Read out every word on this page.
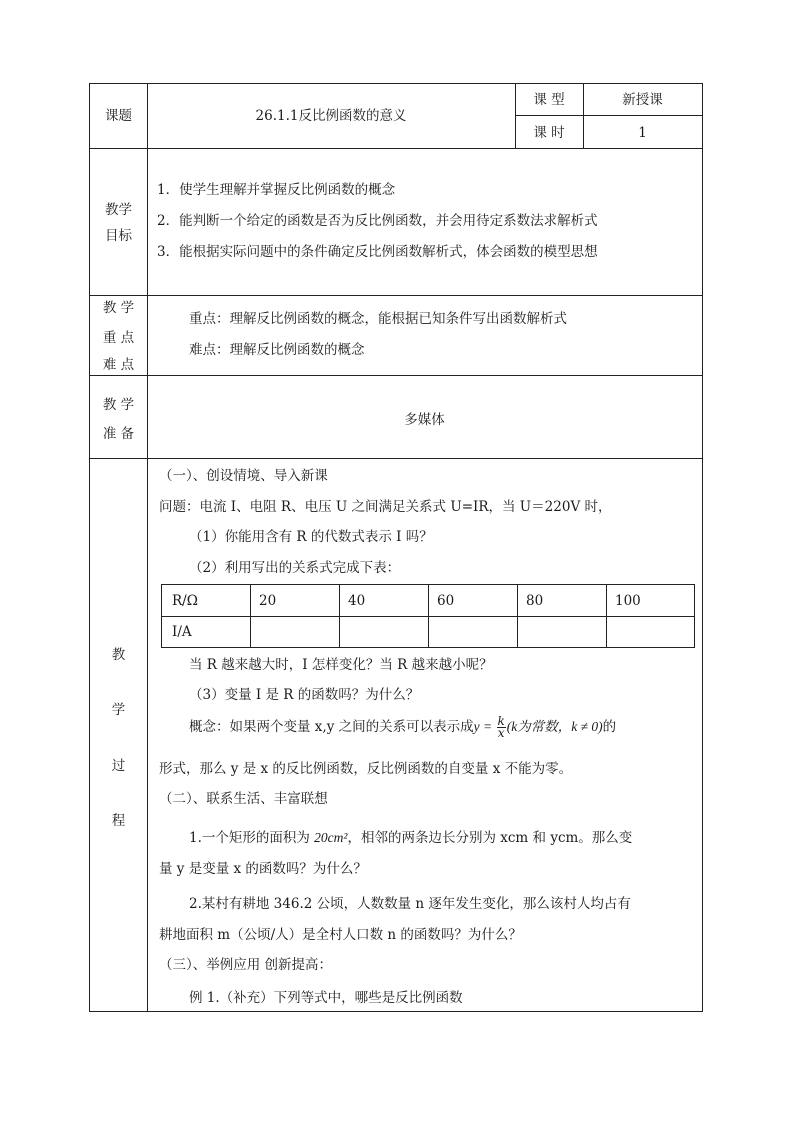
课题	26.1.1反比例函数的意义
课 型	新授课
课 时	1
教学
目标
1．使学生理解并掌握反比例函数的概念
2．能判断一个给定的函数是否为反比例函数，并会用待定系数法求解析式
3．能根据实际问题中的条件确定反比例函数解析式，体会函数的模型思想
教 学
重 点
难 点
重点：理解反比例函数的概念，能根据已知条件写出函数解析式
难点：理解反比例函数的概念
教 学
准 备
多媒体
教
学
过
程
（一）、创设情境、导入新课
问题：电流 I、电阻 R、电压 U 之间满足关系式 U=IR，当 U＝220V 时，
（1）你能用含有 R 的代数式表示 I 吗？
（2）利用写出的关系式完成下表：
R/Ω	20	40	60	80	100
I/A
当 R 越来越大时，I 怎样变化？当 R 越来越小呢？
（3）变量 I 是 R 的函数吗？为什么？
概念：如果两个变量 x,y 之间的关系可以表示成$y = \frac{k}{x} (k$为常数，k ≠ 0)的
形式，那么 y 是 x 的反比例函数，反比例函数的自变量 x 不能为零。
（二）、联系生活、丰富联想
1.一个矩形的面积为 20cm²，相邻的两条边长分别为 xcm 和 ycm。那么变
量 y 是变量 x 的函数吗？为什么？
2.某村有耕地 346.2 公顷，人数数量 n 逐年发生变化，那么该村人均占有
耕地面积 m（公顷/人）是全村人口数 n 的函数吗？为什么？
（三）、举例应用 创新提高：
例 1.（补充）下列等式中，哪些是反比例函数
